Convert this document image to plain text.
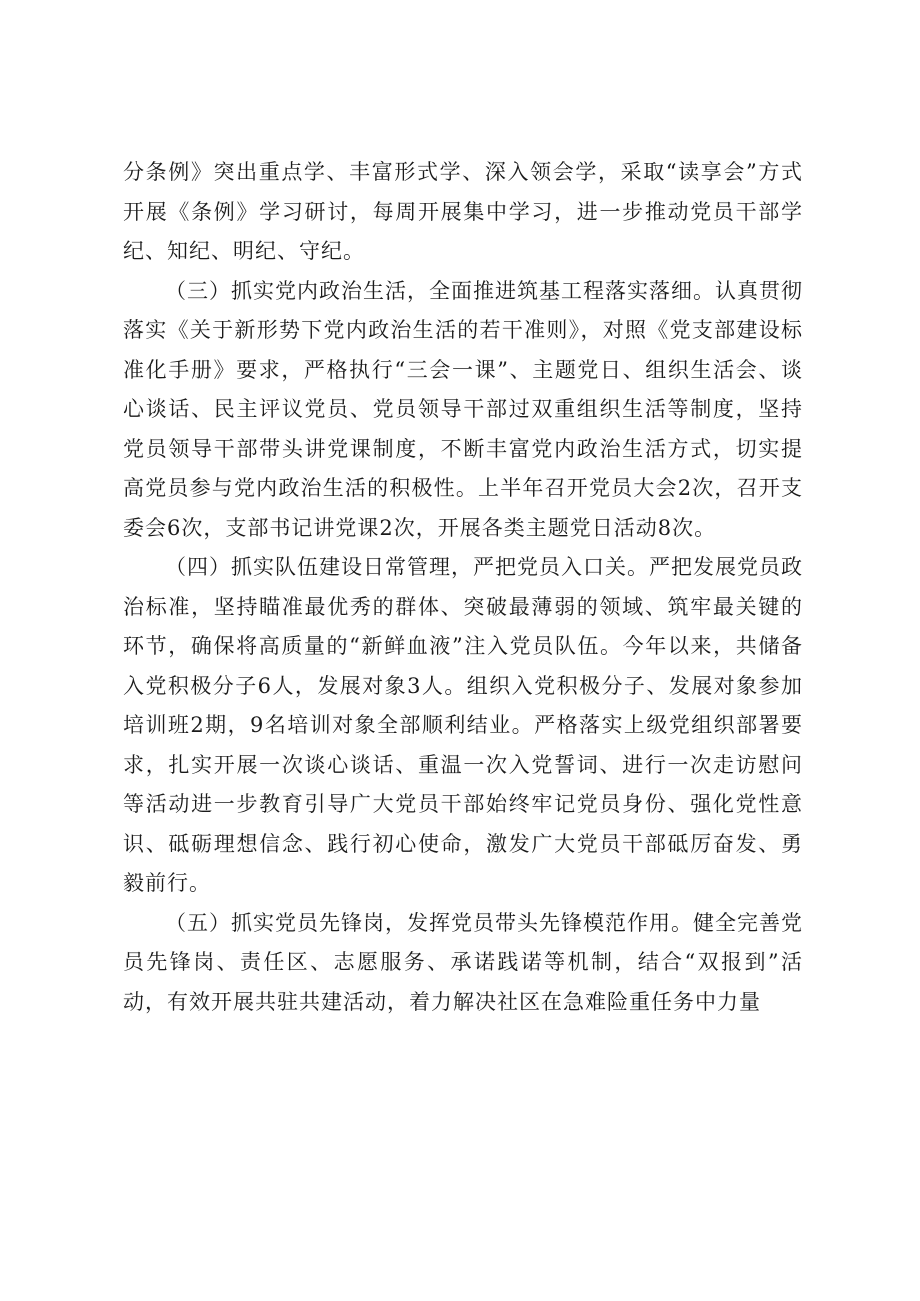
分条例》突出重点学、丰富形式学、深入领会学，采取“读享会”方式开展《条例》学习研讨，每周开展集中学习，进一步推动党员干部学纪、知纪、明纪、守纪。

（三）抓实党内政治生活，全面推进筑基工程落实落细。认真贯彻落实《关于新形势下党内政治生活的若干准则》，对照《党支部建设标准化手册》要求，严格执行“三会一课”、主题党日、组织生活会、谈心谈话、民主评议党员、党员领导干部过双重组织生活等制度，坚持党员领导干部带头讲党课制度，不断丰富党内政治生活方式，切实提高党员参与党内政治生活的积极性。上半年召开党员大会2次，召开支委会6次，支部书记讲党课2次，开展各类主题党日活动8次。

（四）抓实队伍建设日常管理，严把党员入口关。严把发展党员政治标准，坚持瞄准最优秀的群体、突破最薄弱的领域、筑牢最关键的环节，确保将高质量的“新鲜血液”注入党员队伍。今年以来，共储备入党积极分子6人，发展对象3人。组织入党积极分子、发展对象参加培训班2期，9名培训对象全部顺利结业。严格落实上级党组织部署要求，扎实开展一次谈心谈话、重温一次入党誓词、进行一次走访慰问等活动进一步教育引导广大党员干部始终牢记党员身份、强化党性意识、砥砺理想信念、践行初心使命，激发广大党员干部砥厉奋发、勇毅前行。

（五）抓实党员先锋岗，发挥党员带头先锋模范作用。健全完善党员先锋岗、责任区、志愿服务、承诺践诺等机制，结合“双报到”活动，有效开展共驻共建活动，着力解决社区在急难险重任务中力量
